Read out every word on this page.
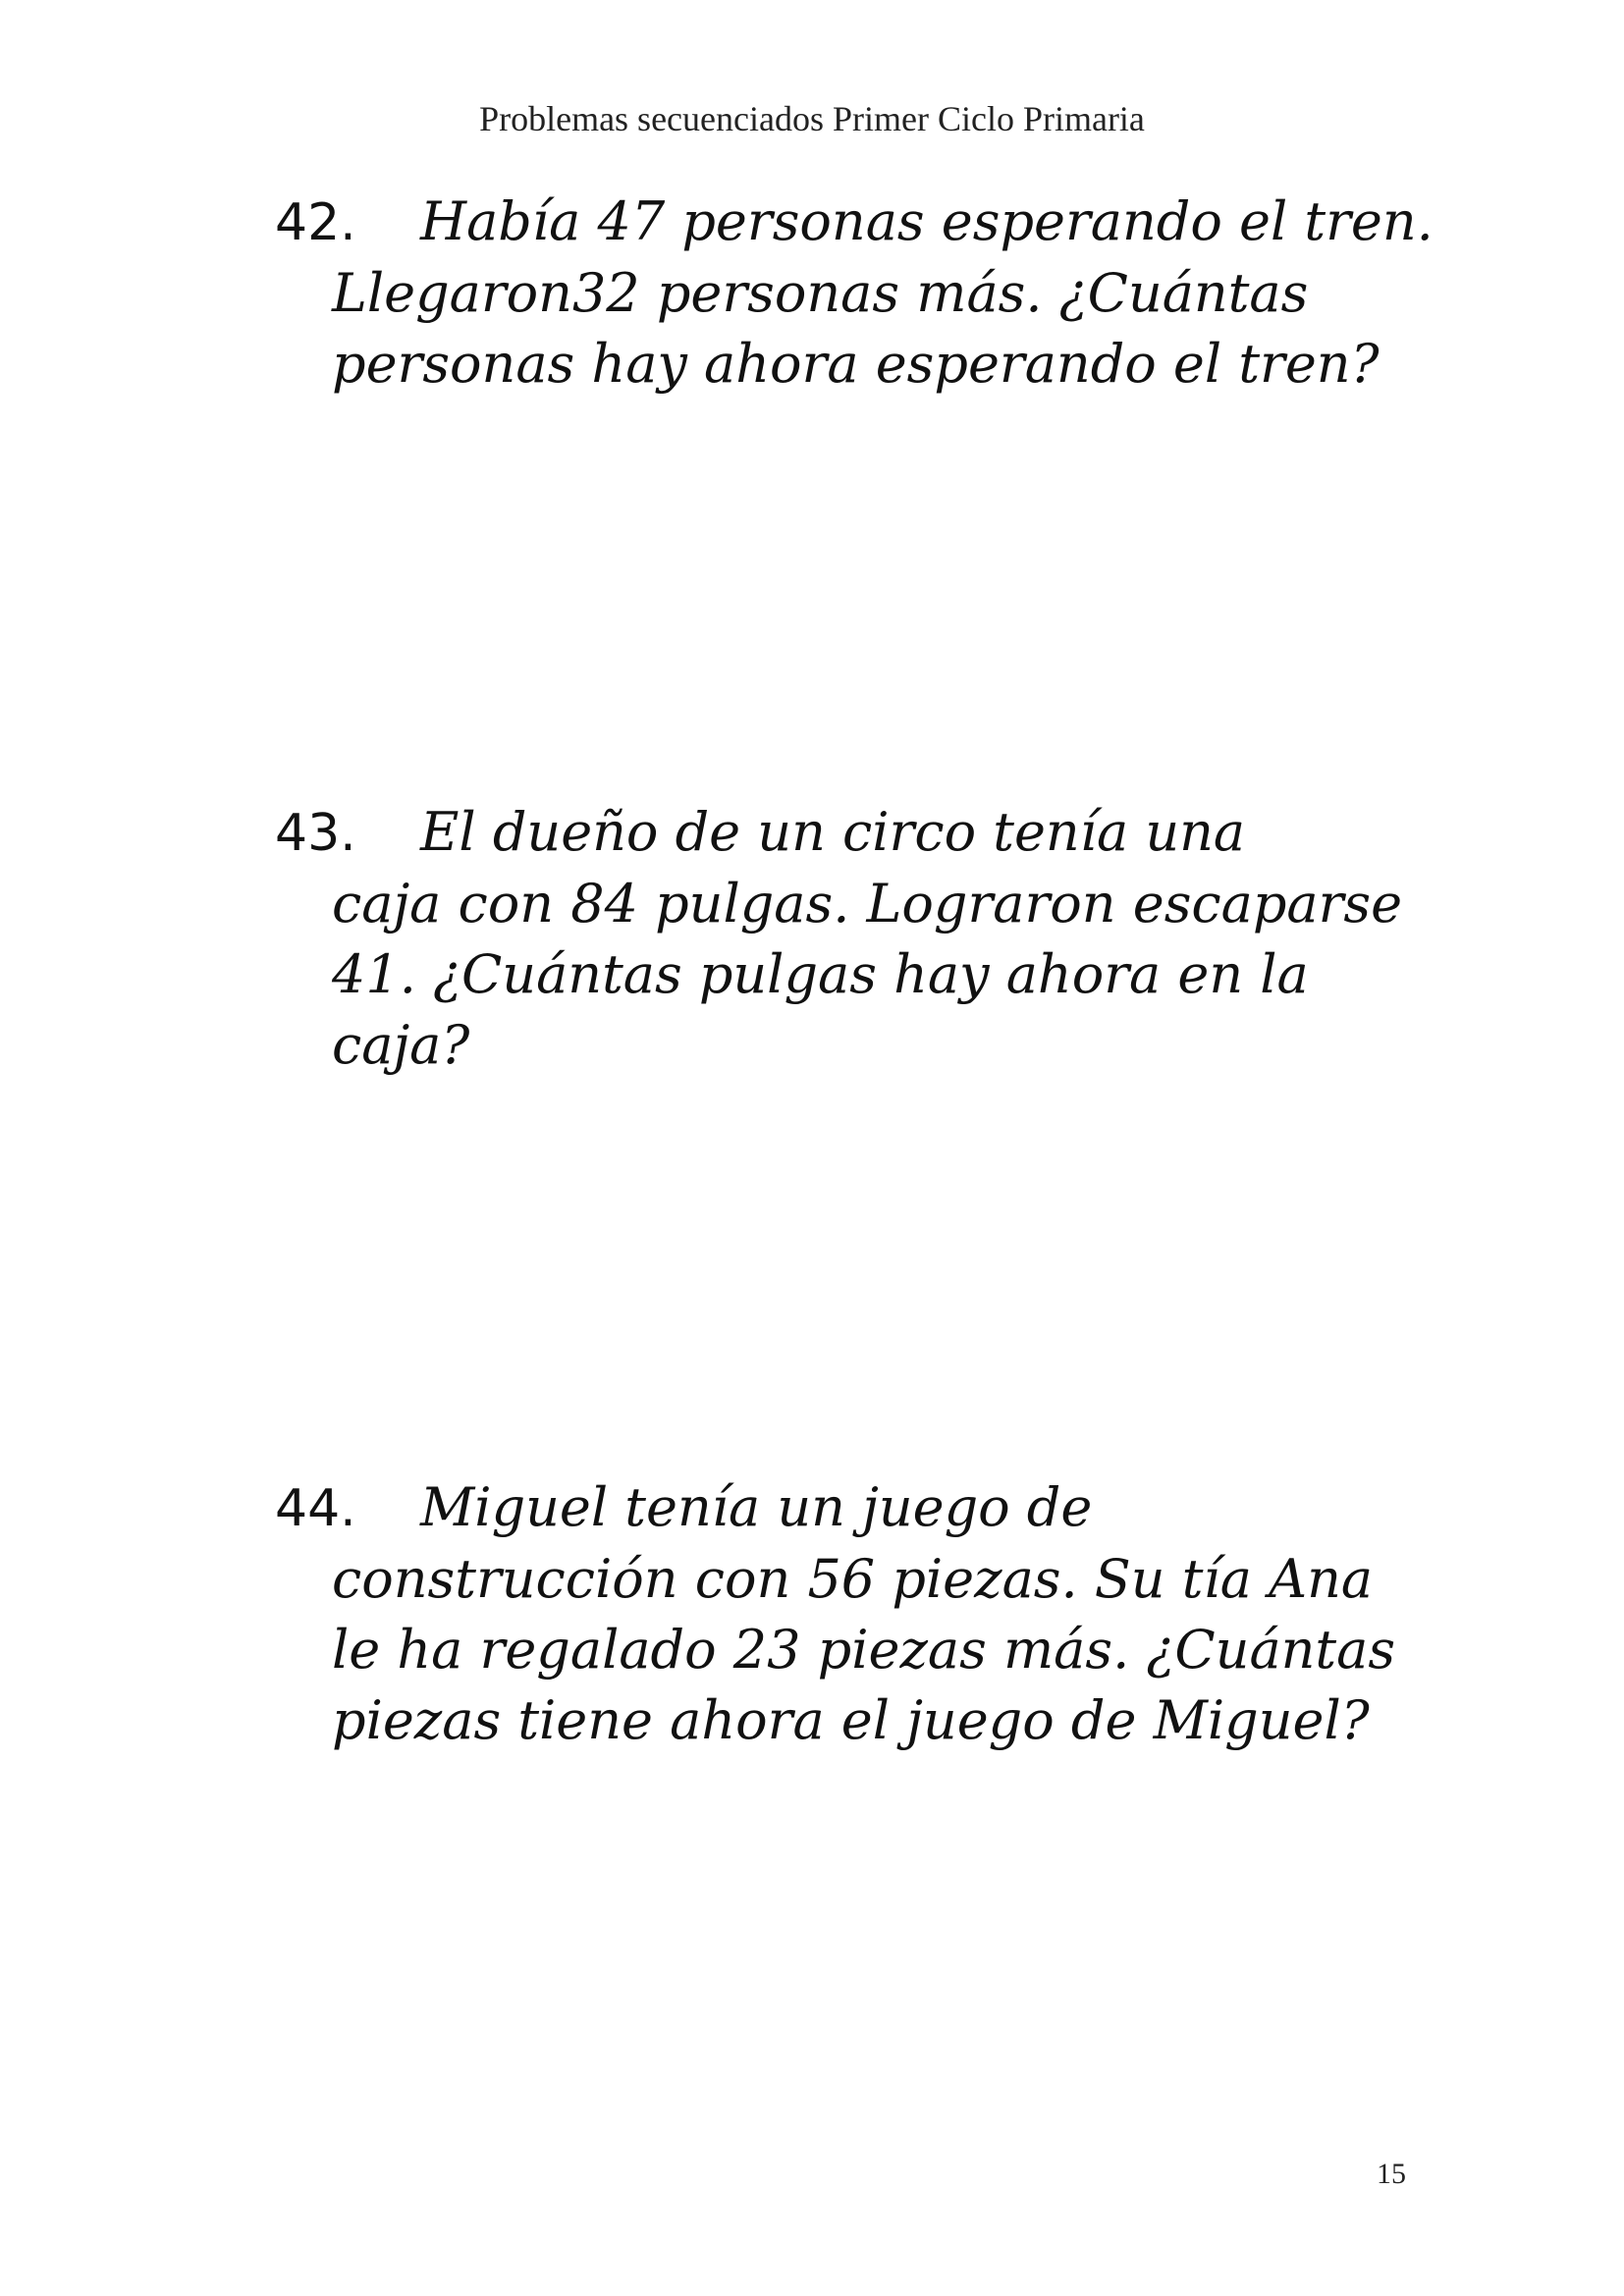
Problemas secuenciados Primer Ciclo Primaria
42. Había 47 personas esperando el tren.
Llegaron32 personas más. ¿Cuántas
personas hay ahora esperando el tren?
43. El dueño de un circo tenía una
caja con 84 pulgas. Lograron escaparse
41. ¿Cuántas pulgas hay ahora en la
caja?
44. Miguel tenía un juego de
construcción con 56 piezas. Su tía Ana
le ha regalado 23 piezas más. ¿Cuántas
piezas tiene ahora el juego de Miguel?
15
